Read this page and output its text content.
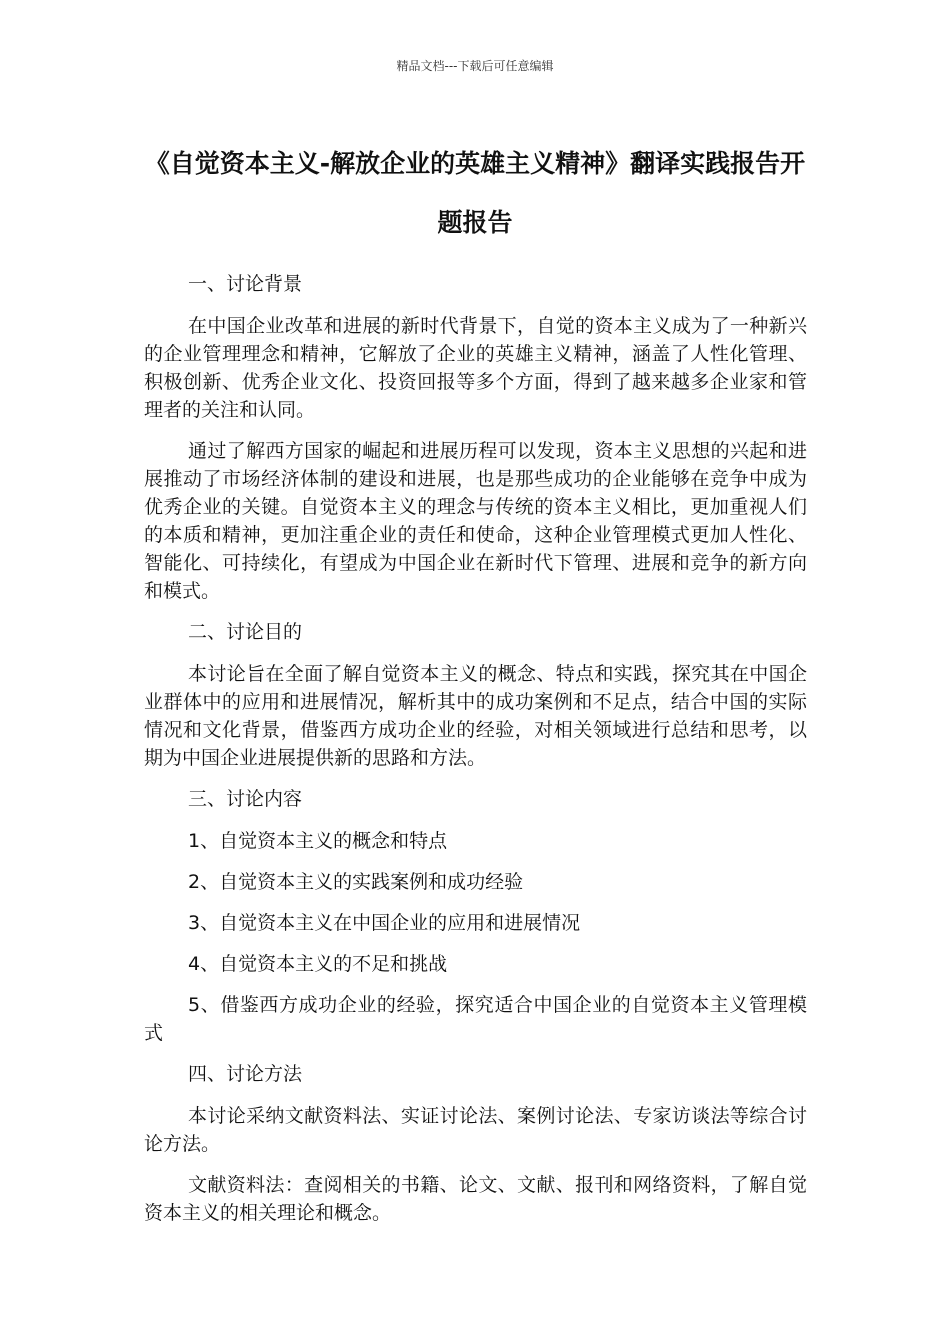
精品文档---下载后可任意编辑
《自觉资本主义-解放企业的英雄主义精神》翻译实践报告开题报告

一、讨论背景

在中国企业改革和进展的新时代背景下，自觉的资本主义成为了一种新兴的企业管理理念和精神，它解放了企业的英雄主义精神，涵盖了人性化管理、积极创新、优秀企业文化、投资回报等多个方面，得到了越来越多企业家和管理者的关注和认同。

通过了解西方国家的崛起和进展历程可以发现，资本主义思想的兴起和进展推动了市场经济体制的建设和进展，也是那些成功的企业能够在竞争中成为优秀企业的关键。自觉资本主义的理念与传统的资本主义相比，更加重视人们的本质和精神，更加注重企业的责任和使命，这种企业管理模式更加人性化、智能化、可持续化，有望成为中国企业在新时代下管理、进展和竞争的新方向和模式。

二、讨论目的

本讨论旨在全面了解自觉资本主义的概念、特点和实践，探究其在中国企业群体中的应用和进展情况，解析其中的成功案例和不足点，结合中国的实际情况和文化背景，借鉴西方成功企业的经验，对相关领域进行总结和思考，以期为中国企业进展提供新的思路和方法。

三、讨论内容

1、自觉资本主义的概念和特点

2、自觉资本主义的实践案例和成功经验

3、自觉资本主义在中国企业的应用和进展情况

4、自觉资本主义的不足和挑战

5、借鉴西方成功企业的经验，探究适合中国企业的自觉资本主义管理模式

四、讨论方法

本讨论采纳文献资料法、实证讨论法、案例讨论法、专家访谈法等综合讨论方法。

文献资料法：查阅相关的书籍、论文、文献、报刊和网络资料，了解自觉资本主义的相关理论和概念。
